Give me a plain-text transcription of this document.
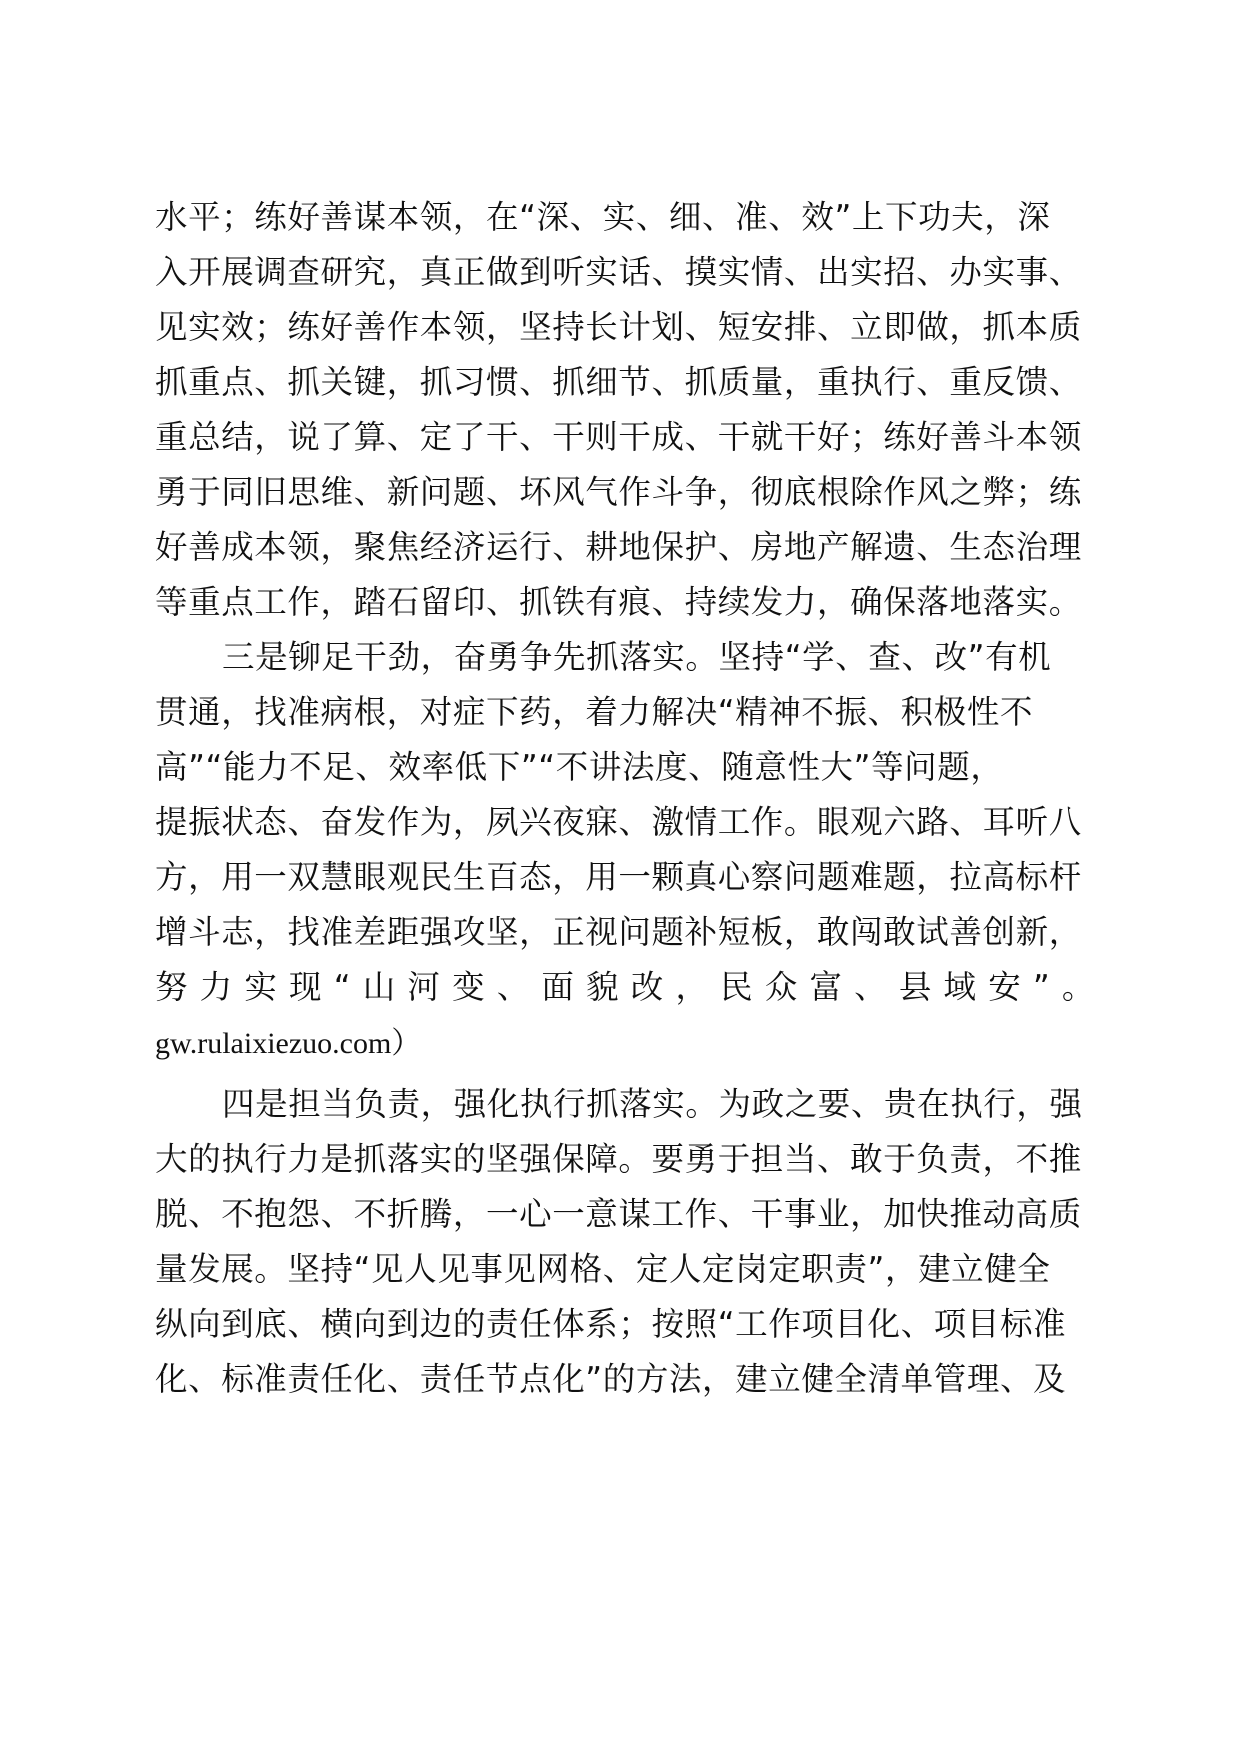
水平；练好善谋本领，在“深、实、细、准、效”上下功夫，深

入开展调查研究，真正做到听实话、摸实情、出实招、办实事、

见实效；练好善作本领，坚持长计划、短安排、立即做，抓本质

抓重点、抓关键，抓习惯、抓细节、抓质量，重执行、重反馈、

重总结，说了算、定了干、干则干成、干就干好；练好善斗本领

勇于同旧思维、新问题、坏风气作斗争，彻底根除作风之弊；练

好善成本领，聚焦经济运行、耕地保护、房地产解遗、生态治理

等重点工作，踏石留印、抓铁有痕、持续发力，确保落地落实。

三是铆足干劲，奋勇争先抓落实。坚持“学、查、改”有机

贯通，找准病根，对症下药，着力解决“精神不振、积极性不

高”“能力不足、效率低下”“不讲法度、随意性大”等问题，

提振状态、奋发作为，夙兴夜寐、激情工作。眼观六路、耳听八

方，用一双慧眼观民生百态，用一颗真心察问题难题，拉高标杆

增斗志，找准差距强攻坚，正视问题补短板，敢闯敢试善创新，

努力实现“山河变、面貌改，民众富、县域安”。

gw.rulaixiezuo.com）

四是担当负责，强化执行抓落实。为政之要、贵在执行，强

大的执行力是抓落实的坚强保障。要勇于担当、敢于负责，不推

脱、不抱怨、不折腾，一心一意谋工作、干事业，加快推动高质

量发展。坚持“见人见事见网格、定人定岗定职责”，建立健全

纵向到底、横向到边的责任体系；按照“工作项目化、项目标准

化、标准责任化、责任节点化”的方法，建立健全清单管理、及
